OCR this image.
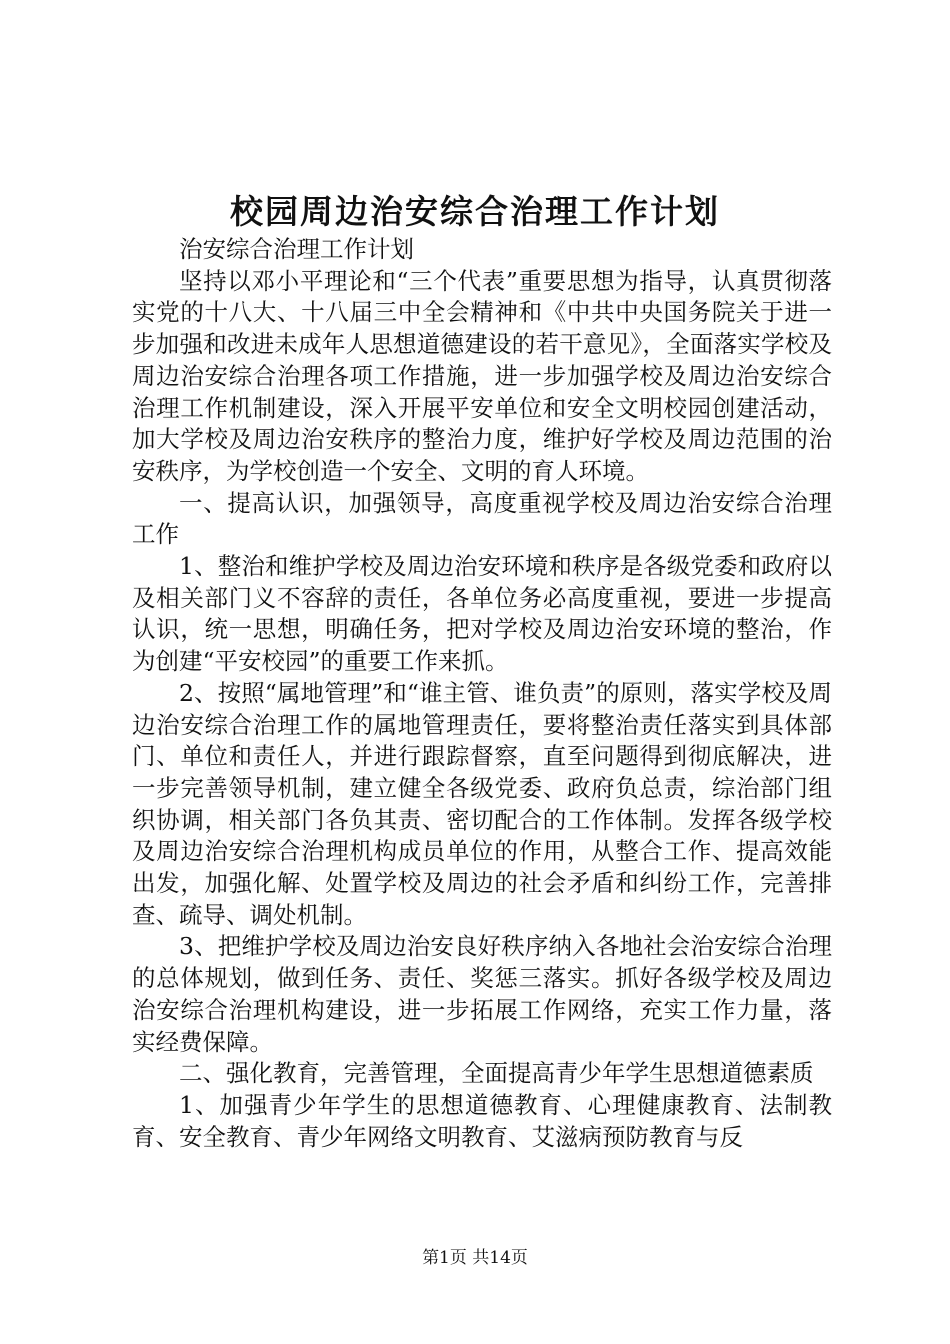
校园周边治安综合治理工作计划

治安综合治理工作计划

坚持以邓小平理论和“三个代表”重要思想为指导，认真贯彻落实党的十八大、十八届三中全会精神和《中共中央国务院关于进一步加强和改进未成年人思想道德建设的若干意见》，全面落实学校及周边治安综合治理各项工作措施，进一步加强学校及周边治安综合治理工作机制建设，深入开展平安单位和安全文明校园创建活动，加大学校及周边治安秩序的整治力度，维护好学校及周边范围的治安秩序，为学校创造一个安全、文明的育人环境。

一、提高认识，加强领导，高度重视学校及周边治安综合治理工作

1、整治和维护学校及周边治安环境和秩序是各级党委和政府以及相关部门义不容辞的责任，各单位务必高度重视，要进一步提高认识，统一思想，明确任务，把对学校及周边治安环境的整治，作为创建“平安校园”的重要工作来抓。

2、按照“属地管理”和“谁主管、谁负责”的原则，落实学校及周边治安综合治理工作的属地管理责任，要将整治责任落实到具体部门、单位和责任人，并进行跟踪督察，直至问题得到彻底解决，进一步完善领导机制，建立健全各级党委、政府负总责，综治部门组织协调，相关部门各负其责、密切配合的工作体制。发挥各级学校及周边治安综合治理机构成员单位的作用，从整合工作、提高效能出发，加强化解、处置学校及周边的社会矛盾和纠纷工作，完善排查、疏导、调处机制。

3、把维护学校及周边治安良好秩序纳入各地社会治安综合治理的总体规划，做到任务、责任、奖惩三落实。抓好各级学校及周边治安综合治理机构建设，进一步拓展工作网络，充实工作力量，落实经费保障。

二、强化教育，完善管理，全面提高青少年学生思想道德素质

1、加强青少年学生的思想道德教育、心理健康教育、法制教育、安全教育、青少年网络文明教育、艾滋病预防教育与反

第1页 共14页
